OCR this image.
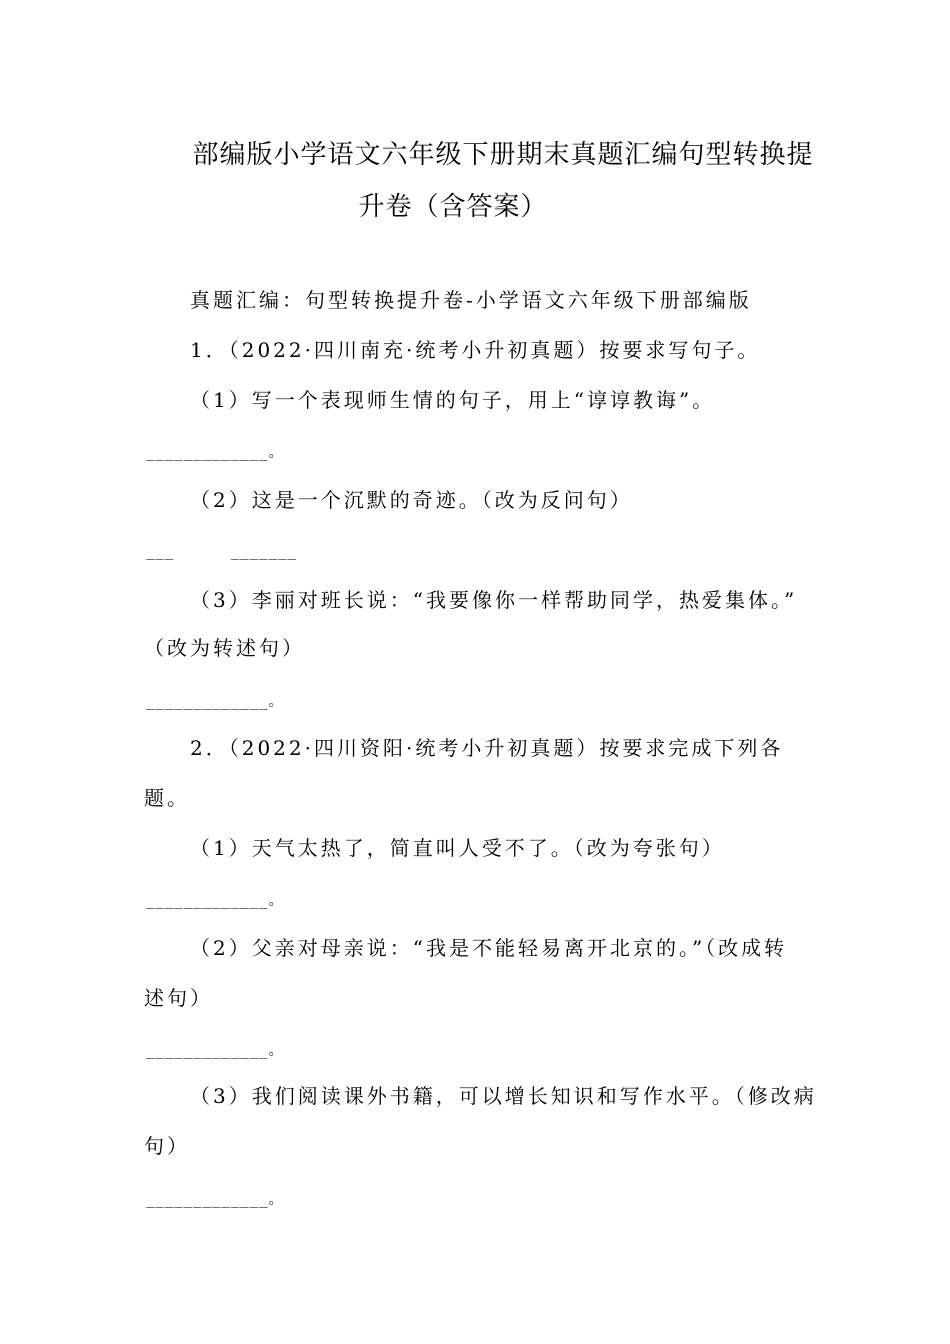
部编版小学语文六年级下册期末真题汇编句型转换提
升卷（含答案）
真题汇编：句型转换提升卷-小学语文六年级下册部编版
1．（2022·四川南充·统考小升初真题）按要求写句子。
（1）写一个表现师生情的句子，用上“谆谆教诲”。
_____________。
（2）这是一个沉默的奇迹。（改为反问句）
___      _______
（3）李丽对班长说：“我要像你一样帮助同学，热爱集体。”
（改为转述句）
_____________。
2．（2022·四川资阳·统考小升初真题）按要求完成下列各
题。
（1）天气太热了，简直叫人受不了。（改为夸张句）
_____________。
（2）父亲对母亲说：“我是不能轻易离开北京的。”（改成转
述句）
_____________。
（3）我们阅读课外书籍，可以增长知识和写作水平。（修改病
句）
_____________。
